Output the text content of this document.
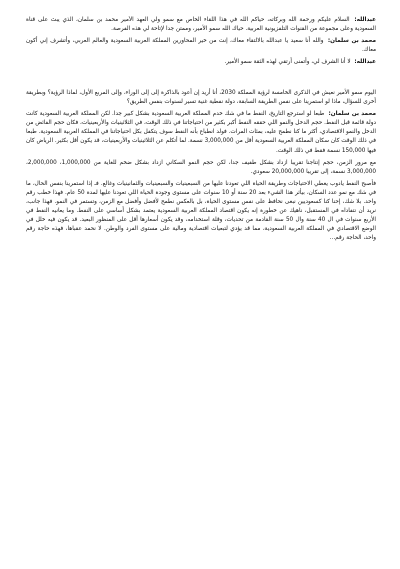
عبدالله: السلام عليكم ورحمة الله وبركاته، حياكم الله في هذا اللقاء الخاص مع سمو ولي العهد الأمير محمد بن سلمان، الذي يبث على قناة السعودية وعلى مجموعة من القنوات التلفزيونية العربية. حياك الله سمو الأمير، وممتن جدا لإتاحة لي هذه الفرصة.

محمد بن سلمان: والله أنا سعيد يا عبدالله بالالتقاء معاك، إنت من خير المحاورين المملكة العربية السعودية والعالم العربي، وأتشرف إني أكون معاك.

عبدالله: لا أنا الشرف لي، وأتمنى أرتقي لهذه الثقة سمو الأمير.

اليوم سمو الأمير نعيش في الذكرى الخامسة لرؤية المملكة 2030، أنا أريد إن أعود بالذاكرة إلى إلى الوراء، وإلى المربع الأول، لماذا الرؤية؟ وبطريقة أخرى للسؤال، ماذا لو استمرينا على نفس الطريقة السابقة، دولة نفطية غنية تسير لسنوات بنفس الطريق؟

محمد بن سلمان: طبعا لو استرجع التاريخ، النفط ما في شك خدم المملكة العربية السعودية بشكل كبير جدا. لكن المملكة العربية السعودية كانت دولة قائمة قبل النفط. حجم الدخل والنمو اللي حققه النفط أكبر بكثير من احتياجاتنا في ذلك الوقت، في الثلاثينيات والأربعينيات، فكان حجم الفائض من الدخل والنمو الاقتصادي، أكثر ما كنا نطمح عليه، بمئات المرات. فولد انطباع بأنه النفط سوف يتكفل بكل احتياجاتنا في المملكة العربية السعودية. طبعا في ذلك الوقت كان سكان المملكة العربية السعودية أقل من 3,000,000 نسمة. لما أتكلم عن الثلاثينيات والأربعينيات، قد يكون أقل بكثير. الرياض كان فيها 150,000 نسمة فقط في ذلك الوقت.

مع مرور الزمن، حجم إنتاجنا تقريبا ازداد بشكل طفيف جدا، لكن حجم النمو السكاني ازداد بشكل ضخم للغاية من 1,000,000، 2,000,000، 3,000,000 نسمة، إلى تقريبا 20,000,000 سعودي.

فأصبح النفط يادوب يغطي الاحتياجات وطريقة الحياة اللي تعودنا عليها من السبعينيات والسبعينيات والثمانينيات وغالع. فـ إذا استمرينا بنفس الحال، ما في شك مع نمو عدد السكان، بيأثر هذا الشيء بعد 20 سنة أو 10 سنوات على مستوى وجودة الحياة اللي تعودنا عليها لمدة 50 عام. فهذا خطب رقم واحد. بلا شك، إحنا كنا كسعوديين نبغى نحافظ على نفس مستوى الحياة، بل بالعكس نطمح لأفضل وأفضل مع الزمن، وتستمر في النمو. فهذا جانب، نريد أن نتفاداه في المستقبل، ناهيك عن خطورة إنه يكون اقتصاد المملكة العربية السعودية يعتمد بشكل أساسي على النفط. وما يعانيه النفط في الأربع سنوات في ال 40 سنة وال 50 سنة القادمة من تحديات، وقلة استخدامه، وقد يكون أسعارها أقل على المنظور البعيد. قد يكون فيه خلل في الوضع الاقتصادي في المملكة العربية السعودية، مما قد يؤدي لتبعيات اقتصادية ومالية على مستوى الفرد والوطن. لا نحمد عقباها، فهذه حاجة رقم واحد، الحاجة رقم...
